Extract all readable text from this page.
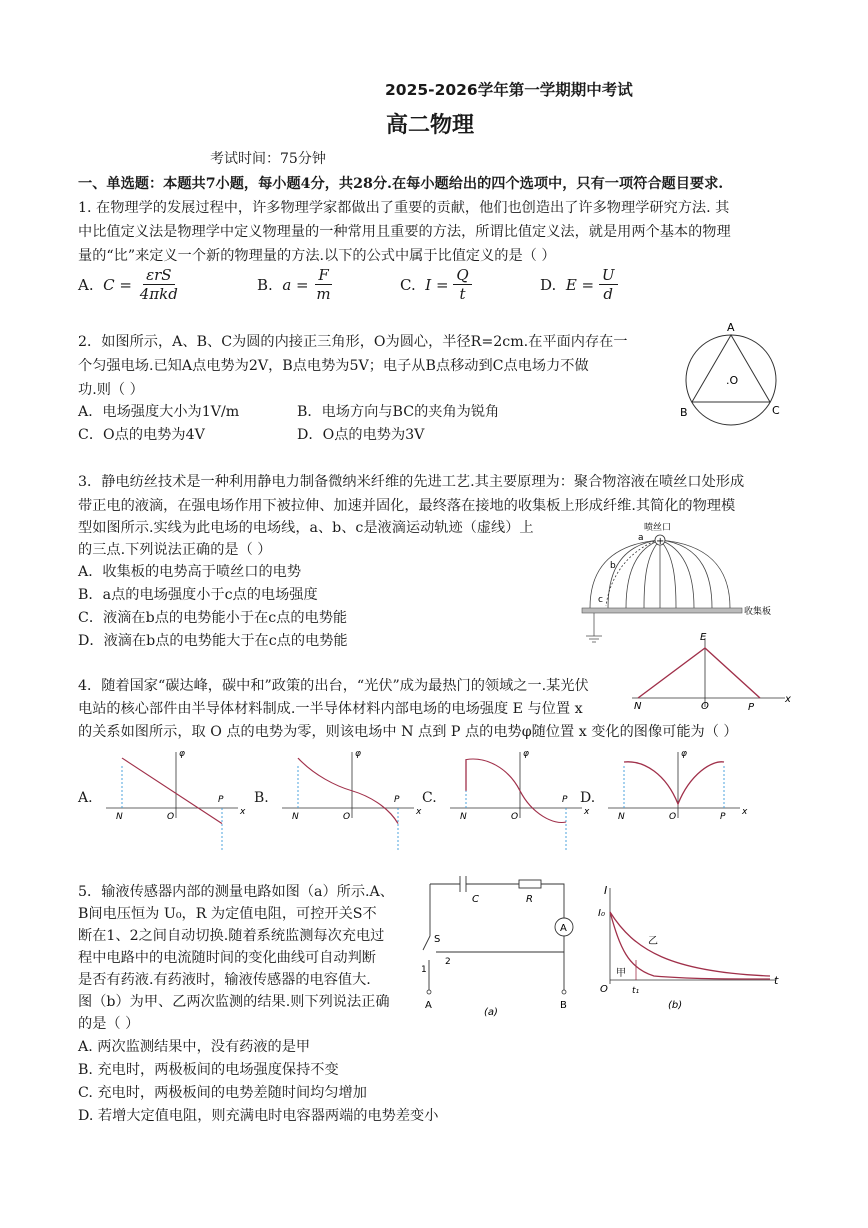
2025-2026学年第一学期期中考试
高二物理
考试时间：75分钟
一、单选题：本题共7小题，每小题4分，共28分.在每小题给出的四个选项中，只有一项符合题目要求.
1. 在物理学的发展过程中，许多物理学家都做出了重要的贡献，他们也创造出了许多物理学研究方法. 其
中比值定义法是物理学中定义物理量的一种常用且重要的方法，所谓比值定义法，就是用两个基本的物理
量的“比”来定义一个新的物理量的方法.以下的公式中属于比值定义的是（ ）
A.
C =
$\frac{\text{εrS}}{\text{4πkd}}$	B.
a =
$\frac{F}{m}$	C.
I =
$\frac{Q}{t}$	D.
E =
$\frac{U}{d}$
2．如图所示，A、B、C为圆的内接正三角形，O为圆心，半径R=2cm.在平面内存在一
个匀强电场.已知A点电势为2V，B点电势为5V；电子从B点移动到C点电场力不做
功.则（ ）
A．电场强度大小为1V/m	B．电场方向与BC的夹角为锐角
C．O点的电势为4V	D．O点的电势为3V
A
B	C
.O
3．静电纺丝技术是一种利用静电力制备微纳米纤维的先进工艺.其主要原理为：聚合物溶液在喷丝口处形成
带正电的液滴，在强电场作用下被拉伸、加速并固化，最终落在接地的收集板上形成纤维.其简化的物理模
型如图所示.实线为此电场的电场线，a、b、c是液滴运动轨迹（虚线）上
的三点.下列说法正确的是（ ）
A．收集板的电势高于喷丝口的电势
B．a点的电场强度小于c点的电场强度
C．液滴在b点的电势能小于在c点的电势能
D．液滴在b点的电势能大于在c点的电势能
喷丝口
+
a
b
c
收集板
4．随着国家“碳达峰，碳中和”政策的出台，“光伏”成为最热门的领域之一.某光伏
电站的核心部件由半导体材料制成.一半导体材料内部电场的电场强度 E 与位置 x
的关系如图所示，取 O 点的电势为零，则该电场中 N 点到 P 点的电势φ随位置 x 变化的图像可能为（ ）
E
N	O	P
x
A.
φ
N	O
P
x
B.
φ
N	O
P
x
C.
φ
N	O
P
x
D.
φ
N	O	P x
5．输液传感器内部的测量电路如图（a）所示.A、
B间电压恒为 U₀，R 为定值电阻，可控开关S不
断在1、2之间自动切换.随着系统监测每次充电过
程中电路中的电流随时间的变化曲线可自动判断
是否有药液.有药液时，输液传感器的电容值大.
图（b）为甲、乙两次监测的结果.则下列说法正确
的是（ ）
A. 两次监测结果中，没有药液的是甲
B. 充电时，两极板间的电场强度保持不变
C. 充电时，两极板间的电势差随时间均匀增加
D. 若增大定值电阻，则充满电时电容器两端的电势差变小
A
C	R
S
1
2
A	B
(a)
I
I₀
乙
甲
O	t₁
t
(b)
